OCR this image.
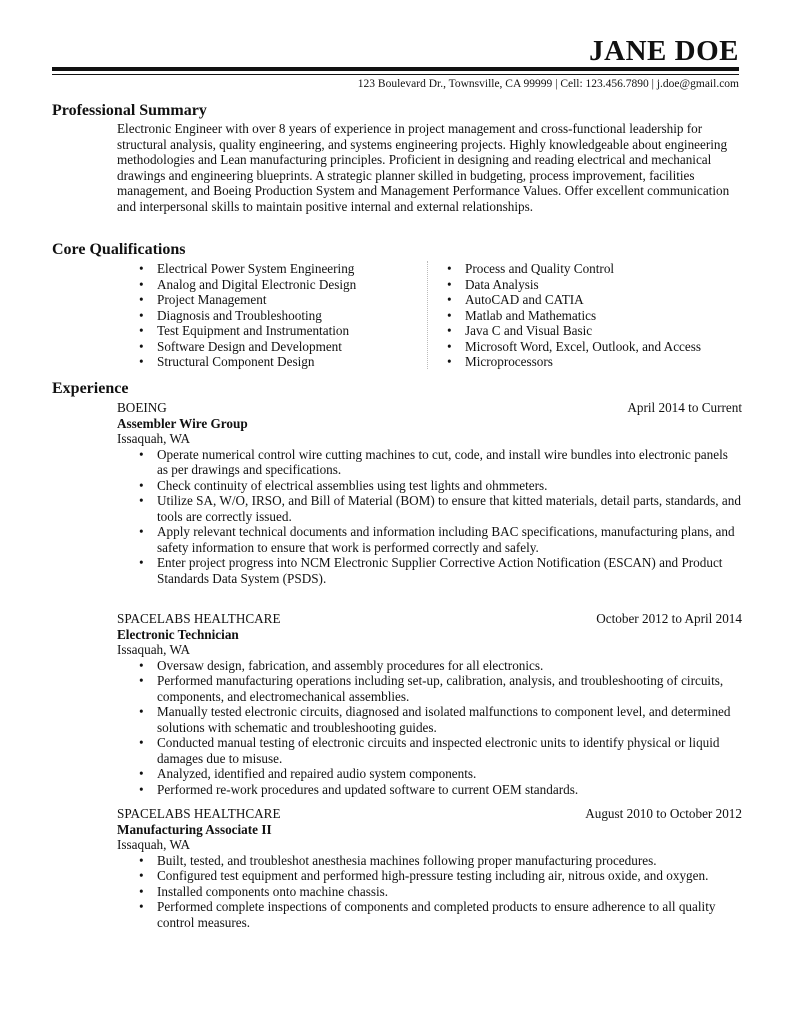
JANE DOE
123 Boulevard Dr., Townsville, CA 99999 | Cell: 123.456.7890 | j.doe@gmail.com
Professional Summary
Electronic Engineer with over 8 years of experience in project management and cross-functional leadership for structural analysis, quality engineering, and systems engineering projects. Highly knowledgeable about engineering methodologies and Lean manufacturing principles. Proficient in designing and reading electrical and mechanical drawings and engineering blueprints. A strategic planner skilled in budgeting, process improvement, facilities management, and Boeing Production System and Management Performance Values. Offer excellent communication and interpersonal skills to maintain positive internal and external relationships.
Core Qualifications
• Electrical Power System Engineering
• Analog and Digital Electronic Design
• Project Management
• Diagnosis and Troubleshooting
• Test Equipment and Instrumentation
• Software Design and Development
• Structural Component Design
• Process and Quality Control
• Data Analysis
• AutoCAD and CATIA
• Matlab and Mathematics
• Java C and Visual Basic
• Microsoft Word, Excel, Outlook, and Access
• Microprocessors
Experience
BOEING	April 2014 to Current
Assembler Wire Group
Issaquah, WA
• Operate numerical control wire cutting machines to cut, code, and install wire bundles into electronic panels as per drawings and specifications.
• Check continuity of electrical assemblies using test lights and ohmmeters.
• Utilize SA, W/O, IRSO, and Bill of Material (BOM) to ensure that kitted materials, detail parts, standards, and tools are correctly issued.
• Apply relevant technical documents and information including BAC specifications, manufacturing plans, and safety information to ensure that work is performed correctly and safely.
• Enter project progress into NCM Electronic Supplier Corrective Action Notification (ESCAN) and Product Standards Data System (PSDS).
SPACELABS HEALTHCARE	October 2012 to April 2014
Electronic Technician
Issaquah, WA
• Oversaw design, fabrication, and assembly procedures for all electronics.
• Performed manufacturing operations including set-up, calibration, analysis, and troubleshooting of circuits, components, and electromechanical assemblies.
• Manually tested electronic circuits, diagnosed and isolated malfunctions to component level, and determined solutions with schematic and troubleshooting guides.
• Conducted manual testing of electronic circuits and inspected electronic units to identify physical or liquid damages due to misuse.
• Analyzed, identified and repaired audio system components.
• Performed re-work procedures and updated software to current OEM standards.
SPACELABS HEALTHCARE	August 2010 to October 2012
Manufacturing Associate II
Issaquah, WA
• Built, tested, and troubleshot anesthesia machines following proper manufacturing procedures.
• Configured test equipment and performed high-pressure testing including air, nitrous oxide, and oxygen.
• Installed components onto machine chassis.
• Performed complete inspections of components and completed products to ensure adherence to all quality control measures.
